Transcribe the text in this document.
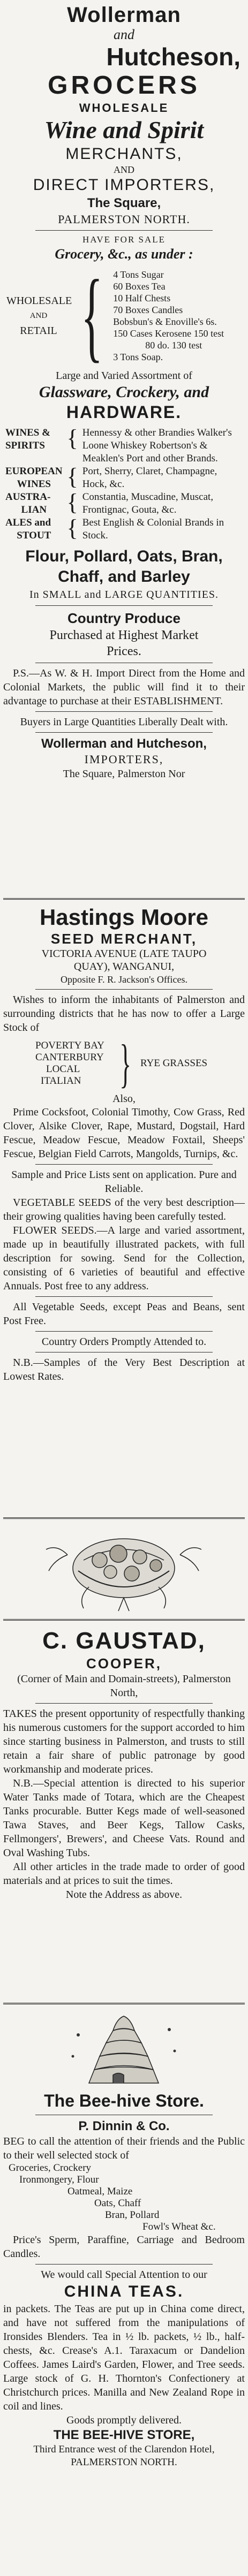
Wollerman
and
Hutcheson,
GROCERS
WHOLESALE
Wine and Spirit
MERCHANTS,
AND
DIRECT IMPORTERS,
The Square,
PALMERSTON NORTH.
HAVE FOR SALE
Grocery, &c., as under :
WHOLESALE
AND
RETAIL { 4 Tons Sugar
60 Boxes Tea
10 Half Chests
70 Boxes Candles
Bobsbun's & Enoville's 6s.
150 Cases Kerosene 150 test
80 do. 130 test
3 Tons Soap.
Large and Varied Assortment of
Glassware, Crockery, and
HARDWARE.
WINES &
SPIRITS	{	Hennessy & other Brandies Walker's Loone Whiskey Robertson's & Meaklen's Port and other Brands.

EUROPEAN
WINES	{	Port, Sherry, Claret, Champagne, Hock, &c.

AUSTRA-
LIAN	{	Constantia, Muscadine, Muscat, Frontignac, Gouta, &c.

ALES and
STOUT	{	Best English & Colonial Brands in Stock.
Flour, Pollard, Oats, Bran,
Chaff, and Barley
In SMALL and LARGE QUANTITIES.
Country Produce
Purchased at Highest Market
Prices.

P.S.—As W. & H. Import Direct from the Home and Colonial Markets, the public will find it to their advantage to purchase at their ESTABLISHMENT.

Buyers in Large Quantities Liberally Dealt with.

Wollerman and Hutcheson,
IMPORTERS,
The Square, Palmerston Nor
Hastings Moore
SEED MERCHANT,
VICTORIA AVENUE (LATE TAUPO
QUAY), WANGANUI,
Opposite F. R. Jackson's Offices.

Wishes to inform the inhabitants of Palmerston and surrounding districts that he has now to offer a Large Stock of

POVERTY BAY
CANTERBURY
LOCAL
ITALIAN } RYE GRASSES
Also,

Prime Cocksfoot, Colonial Timothy, Cow Grass, Red Clover, Alsike Clover, Rape, Mustard, Dogstail, Hard Fescue, Meadow Fescue, Meadow Foxtail, Sheeps' Fescue, Belgian Field Carrots, Mangolds, Turnips, &c.

Sample and Price Lists sent on application. Pure and Reliable.

VEGETABLE SEEDS of the very best description—their growing qualities having been carefully tested.

FLOWER SEEDS.—A large and varied assortment, made up in beautifully illustrated packets, with full description for sowing. Send for the Collection, consisting of 6 varieties of beautiful and effective Annuals. Post free to any address.

All Vegetable Seeds, except Peas and Beans, sent Post Free.

Country Orders Promptly Attended to.

N.B.—Samples of the Very Best Description at Lowest Rates.

C. GAUSTAD,
COOPER,
(Corner of Main and Domain-streets), Palmerston North,

TAKES the present opportunity of respectfully thanking his numerous customers for the support accorded to him since starting business in Palmerston, and trusts to still retain a fair share of public patronage by good workmanship and moderate prices.

N.B.—Special attention is directed to his superior Water Tanks made of Totara, which are the Cheapest Tanks procurable. Butter Kegs made of well-seasoned Tawa Staves, and Beer Kegs, Tallow Casks, Fellmongers', Brewers', and Cheese Vats. Round and Oval Washing Tubs.

All other articles in the trade made to order of good materials and at prices to suit the times.

Note the Address as above.
The Bee-hive Store.
P. Dinnin & Co.

BEG to call the attention of their friends and the Public to their well selected stock of

Groceries, Crockery
Ironmongery, Flour
Oatmeal, Maize
Oats, Chaff
Bran, Pollard
Fowl's Wheat &c.

Price's Sperm, Paraffine, Carriage and Bedroom Candles.

We would call Special Attention to our
CHINA TEAS.

in packets. The Teas are put up in China come direct, and have not suffered from the manipulations of Ironsides Blenders. Tea in ½ lb. packets, ½ lb., half-chests, &c. Crease's A.1. Taraxacum or Dandelion Coffees. James Laird's Garden, Flower, and Tree seeds. Large stock of G. H. Thornton's Confectionery at Christchurch prices. Manilla and New Zealand Rope in coil and lines.

Goods promptly delivered.
THE BEE-HIVE STORE,
Third Entrance west of the Clarendon Hotel,
PALMERSTON NORTH.
